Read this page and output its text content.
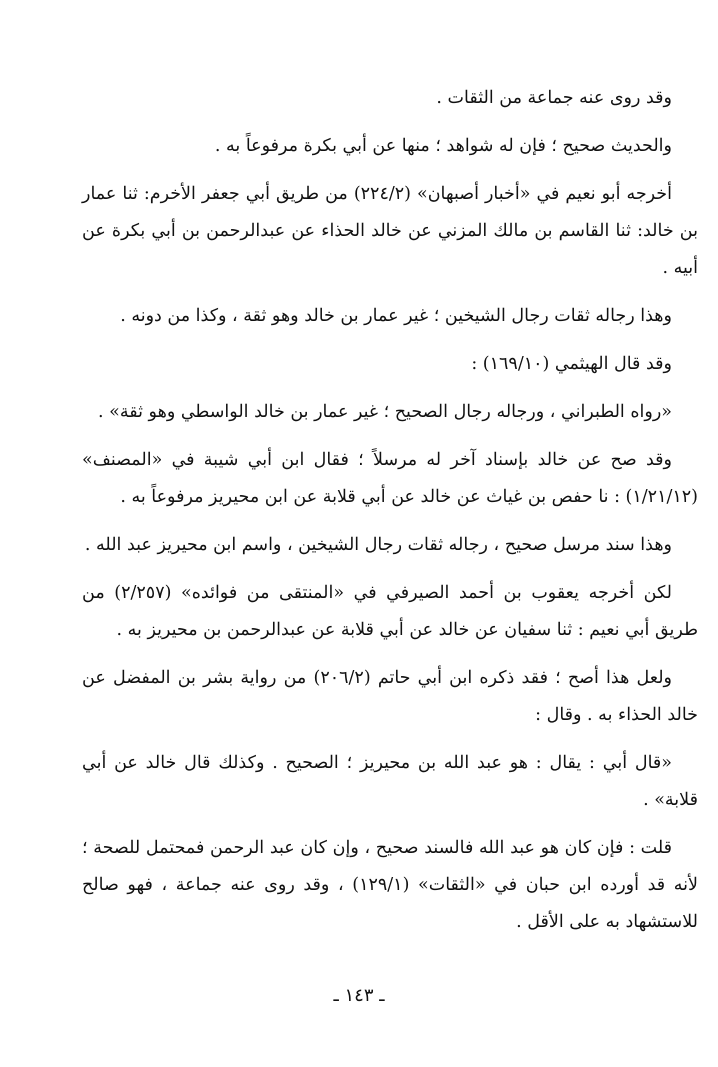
وقد روى عنه جماعة من الثقات .

والحديث صحيح ؛ فإن له شواهد ؛ منها عن أبي بكرة مرفوعاً به .

أخرجه أبو نعيم في «أخبار أصبهان» (٢٢٤/٢) من طريق أبي جعفر الأخرم: ثنا عمار بن خالد: ثنا القاسم بن مالك المزني عن خالد الحذاء عن عبدالرحمن بن أبي بكرة عن أبيه .

وهذا رجاله ثقات رجال الشيخين ؛ غير عمار بن خالد وهو ثقة ، وكذا من دونه .

وقد قال الهيثمي (١٦٩/١٠) :

«رواه الطبراني ، ورجاله رجال الصحيح ؛ غير عمار بن خالد الواسطي وهو ثقة» .

وقد صح عن خالد بإسناد آخر له مرسلاً ؛ فقال ابن أبي شيبة في «المصنف» (١/٢١/١٢) : نا حفص بن غياث عن خالد عن أبي قلابة عن ابن محيريز مرفوعاً به .

وهذا سند مرسل صحيح ، رجاله ثقات رجال الشيخين ، واسم ابن محيريز عبد الله .

لكن أخرجه يعقوب بن أحمد الصيرفي في «المنتقى من فوائده» (٢/٢٥٧) من طريق أبي نعيم : ثنا سفيان عن خالد عن أبي قلابة عن عبدالرحمن بن محيريز به .

ولعل هذا أصح ؛ فقد ذكره ابن أبي حاتم (٢٠٦/٢) من رواية بشر بن المفضل عن خالد الحذاء به . وقال :

«قال أبي : يقال : هو عبد الله بن محيريز ؛ الصحيح . وكذلك قال خالد عن أبي قلابة» .

قلت : فإن كان هو عبد الله فالسند صحيح ، وإن كان عبد الرحمن فمحتمل للصحة ؛ لأنه قد أورده ابن حبان في «الثقات» (١٢٩/١) ، وقد روى عنه جماعة ، فهو صالح للاستشهاد به على الأقل .

ـ ١٤٣ ـ
